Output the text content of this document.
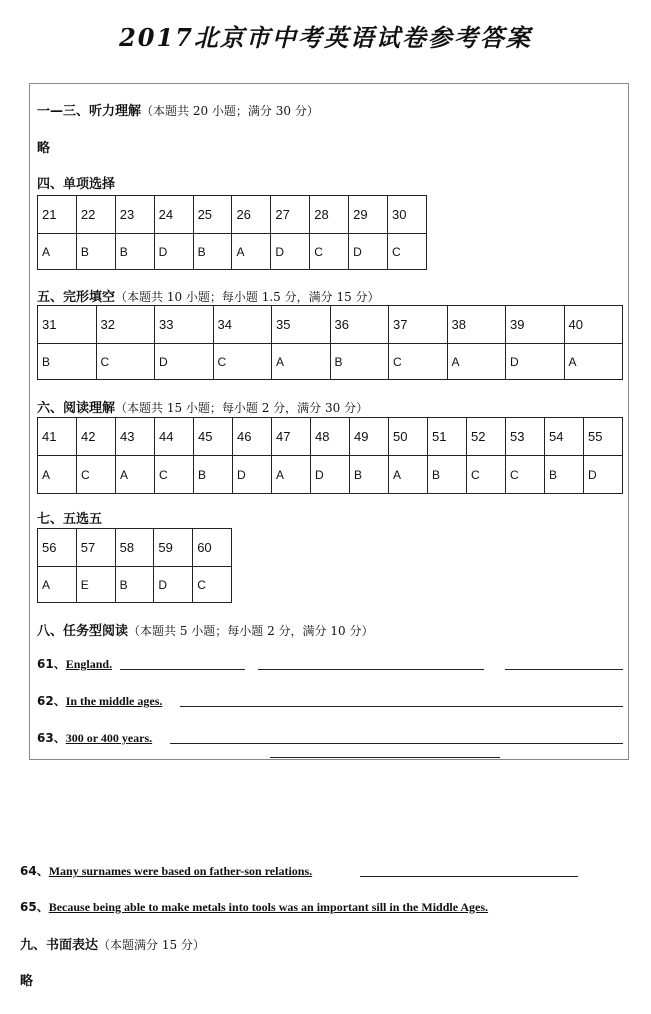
2017北京市中考英语试卷参考答案
一—三、听力理解（本题共 20 小题；满分 30 分）
略
四、单项选择
21	22	23	24	25	26	27	28	29	30
A	B	B	D	B	A	D	C	D	C
五、完形填空（本题共 10 小题；每小题 1.5 分，满分 15 分）
31	32	33	34	35	36	37	38	39	40
B	C	D	C	A	B	C	A	D	A
六、阅读理解（本题共 15 小题；每小题 2 分，满分 30 分）
41	42	43	44	45	46	47	48	49	50	51	52	53	54	55
A	C	A	C	B	D	A	D	B	A	B	C	C	B	D
七、五选五
56	57	58	59	60
A	E	B	D	C
八、任务型阅读（本题共 5 小题；每小题 2 分，满分 10 分）
61、England.
62、In the middle ages.
63、300 or 400 years.
64、Many surnames were based on father-son relations.
65、Because being able to make metals into tools was an important sill in the Middle Ages.
九、书面表达（本题满分 15 分）
略
